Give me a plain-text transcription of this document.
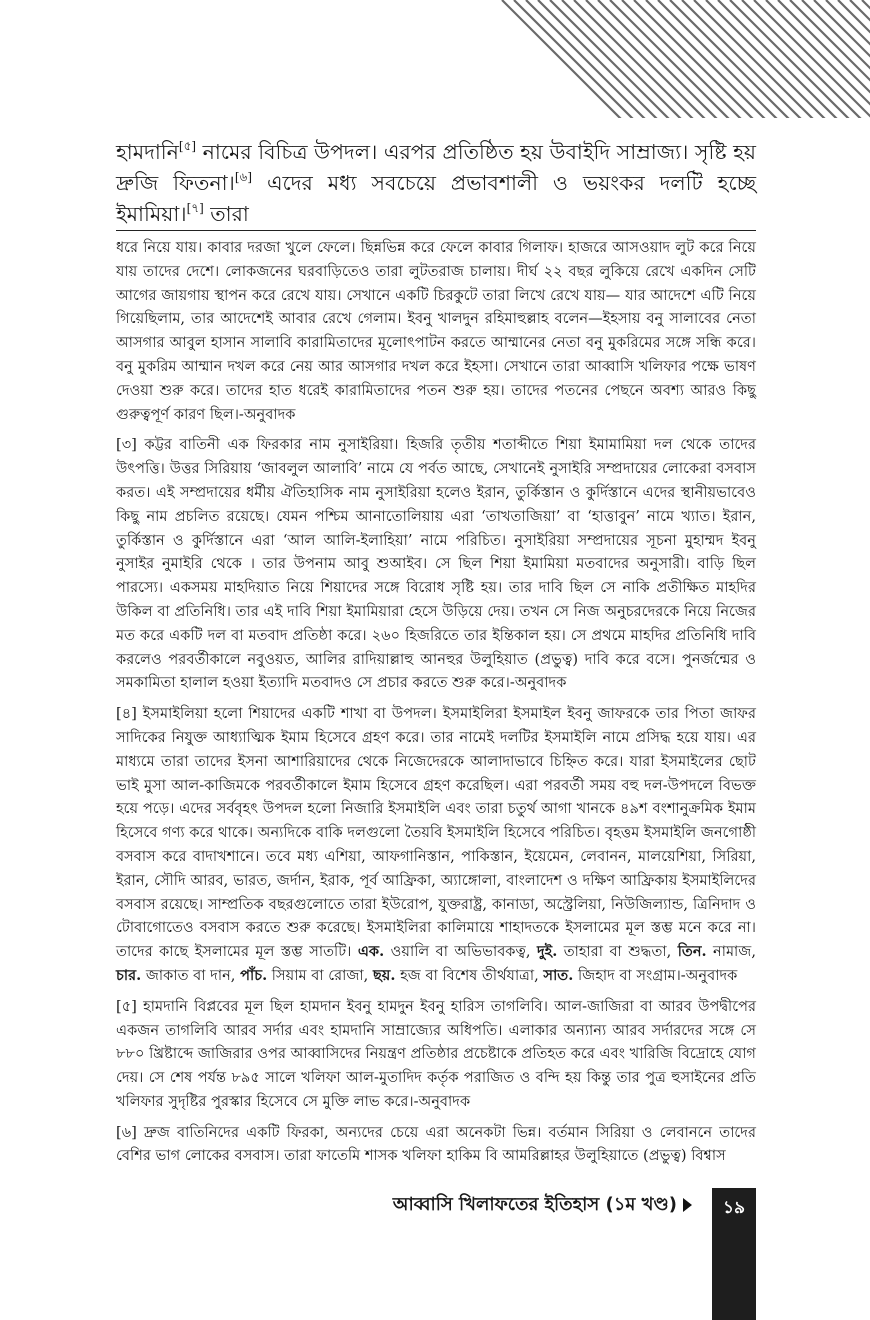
হামদানি[৫] নামের বিচিত্র উপদল। এরপর প্রতিষ্ঠিত হয় উবাইদি সাম্রাজ্য। সৃষ্টি হয় দ্রুজি ফিতনা।[৬] এদের মধ্য সবচেয়ে প্রভাবশালী ও ভয়ংকর দলটি হচ্ছে ইমামিয়া।[৭] তারা

ধরে নিয়ে যায়। কাবার দরজা খুলে ফেলে। ছিন্নভিন্ন করে ফেলে কাবার গিলাফ। হাজরে আসওয়াদ লুট করে নিয়ে যায় তাদের দেশে। লোকজনের ঘরবাড়িতেও তারা লুটতরাজ চালায়। দীর্ঘ ২২ বছর লুকিয়ে রেখে একদিন সেটি আগের জায়গায় স্থাপন করে রেখে যায়। সেখানে একটি চিরকুটে তারা লিখে রেখে যায়— যার আদেশে এটি নিয়ে গিয়েছিলাম, তার আদেশেই আবার রেখে গেলাম। ইবনু খালদুন রহিমাহুল্লাহ বলেন—ইহসায় বনু সালাবের নেতা আসগার আবুল হাসান সালাবি কারামিতাদের মূলোৎপাটন করতে আম্মানের নেতা বনু মুকরিমের সঙ্গে সন্ধি করে। বনু মুকরিম আম্মান দখল করে নেয় আর আসগার দখল করে ইহসা। সেখানে তারা আব্বাসি খলিফার পক্ষে ভাষণ দেওয়া শুরু করে। তাদের হাত ধরেই কারামিতাদের পতন শুরু হয়। তাদের পতনের পেছনে অবশ্য আরও কিছু গুরুত্বপূর্ণ কারণ ছিল।-অনুবাদক

[৩] কট্টর বাতিনী এক ফিরকার নাম নুসাইরিয়া। হিজরি তৃতীয় শতাব্দীতে শিয়া ইমামামিয়া দল থেকে তাদের উৎপত্তি। উত্তর সিরিয়ায় ‘জাবলুল আলাবি’ নামে যে পর্বত আছে, সেখানেই নুসাইরি সম্প্রদায়ের লোকেরা বসবাস করত। এই সম্প্রদায়ের ধর্মীয় ঐতিহাসিক নাম নুসাইরিয়া হলেও ইরান, তুর্কিস্তান ও কুর্দিস্তানে এদের স্থানীয়ভাবেও কিছু নাম প্রচলিত রয়েছে। যেমন পশ্চিম আনাতোলিয়ায় এরা ‘তাখতাজিয়া’ বা ‘হাত্তাবুন’ নামে খ্যাত। ইরান, তুর্কিস্তান ও কুর্দিস্তানে এরা ‘আল আলি-ইলাহিয়া’ নামে পরিচিত। নুসাইরিয়া সম্প্রদায়ের সূচনা মুহাম্মদ ইবনু নুসাইর নুমাইরি থেকে । তার উপনাম আবু শুআইব। সে ছিল শিয়া ইমামিয়া মতবাদের অনুসারী। বাড়ি ছিল পারস্যে। একসময় মাহদিয়াত নিয়ে শিয়াদের সঙ্গে বিরোধ সৃষ্টি হয়। তার দাবি ছিল সে নাকি প্রতীক্ষিত মাহদির উকিল বা প্রতিনিধি। তার এই দাবি শিয়া ইমামিয়ারা হেসে উড়িয়ে দেয়। তখন সে নিজ অনুচরদেরকে নিয়ে নিজের মত করে একটি দল বা মতবাদ প্রতিষ্ঠা করে। ২৬০ হিজরিতে তার ইন্তিকাল হয়। সে প্রথমে মাহদির প্রতিনিধি দাবি করলেও পরবর্তীকালে নবুওয়ত, আলির রাদিয়াল্লাহু আনহুর উলুহিয়াত (প্রভুত্ব) দাবি করে বসে। পুনর্জন্মের ও সমকামিতা হালাল হওয়া ইত্যাদি মতবাদও সে প্রচার করতে শুরু করে।-অনুবাদক

[৪] ইসমাইলিয়া হলো শিয়াদের একটি শাখা বা উপদল। ইসমাইলিরা ইসমাইল ইবনু জাফরকে তার পিতা জাফর সাদিকের নিযুক্ত আধ্যাত্মিক ইমাম হিসেবে গ্রহণ করে। তার নামেই দলটির ইসমাইলি নামে প্রসিদ্ধ হয়ে যায়। এর মাধ্যমে তারা তাদের ইসনা আশারিয়াদের থেকে নিজেদেরকে আলাদাভাবে চিহ্নিত করে। যারা ইসমাইলের ছোট ভাই মুসা আল-কাজিমকে পরবর্তীকালে ইমাম হিসেবে গ্রহণ করেছিল। এরা পরবর্তী সময় বহু দল-উপদলে বিভক্ত হয়ে পড়ে। এদের সর্ববৃহৎ উপদল হলো নিজারি ইসমাইলি এবং তারা চতুর্থ আগা খানকে ৪৯শ বংশানুক্রমিক ইমাম হিসেবে গণ্য করে থাকে। অন্যদিকে বাকি দলগুলো তৈয়বি ইসমাইলি হিসেবে পরিচিত। বৃহত্তম ইসমাইলি জনগোষ্ঠী বসবাস করে বাদাখশানে। তবে মধ্য এশিয়া, আফগানিস্তান, পাকিস্তান, ইয়েমেন, লেবানন, মালয়েশিয়া, সিরিয়া, ইরান, সৌদি আরব, ভারত, জর্দান, ইরাক, পূর্ব আফ্রিকা, অ্যাঙ্গোলা, বাংলাদেশ ও দক্ষিণ আফ্রিকায় ইসমাইলিদের বসবাস রয়েছে। সাম্প্রতিক বছরগুলোতে তারা ইউরোপ, যুক্তরাষ্ট্র, কানাডা, অস্ট্রেলিয়া, নিউজিল্যান্ড, ত্রিনিদাদ ও টোবাগোতেও বসবাস করতে শুরু করেছে। ইসমাইলিরা কালিমায়ে শাহাদতকে ইসলামের মূল স্তম্ভ মনে করে না। তাদের কাছে ইসলামের মূল স্তম্ভ সাতটি। এক. ওয়ালি বা অভিভাবকত্ব, দুই. তাহারা বা শুদ্ধতা, তিন. নামাজ, চার. জাকাত বা দান, পাঁচ. সিয়াম বা রোজা, ছয়. হজ বা বিশেষ তীর্থযাত্রা, সাত. জিহাদ বা সংগ্রাম।-অনুবাদক

[৫] হামদানি বিপ্লবের মূল ছিল হামদান ইবনু হামদুন ইবনু হারিস তাগলিবি। আল-জাজিরা বা আরব উপদ্বীপের একজন তাগলিবি আরব সর্দার এবং হামদানি সাম্রাজ্যের অধিপতি। এলাকার অন্যান্য আরব সর্দারদের সঙ্গে সে ৮৮০ খ্রিষ্টাব্দে জাজিরার ওপর আব্বাসিদের নিয়ন্ত্রণ প্রতিষ্ঠার প্রচেষ্টাকে প্রতিহত করে এবং খারিজি বিদ্রোহে যোগ দেয়। সে শেষ পর্যন্ত ৮৯৫ সালে খলিফা আল-মুতাদিদ কর্তৃক পরাজিত ও বন্দি হয় কিন্তু তার পুত্র হুসাইনের প্রতি খলিফার সুদৃষ্টির পুরস্কার হিসেবে সে মুক্তি লাভ করে।-অনুবাদক

[৬] দ্রুজ বাতিনিদের একটি ফিরকা, অন্যদের চেয়ে এরা অনেকটা ভিন্ন। বর্তমান সিরিয়া ও লেবাননে তাদের বেশির ভাগ লোকের বসবাস। তারা ফাতেমি শাসক খলিফা হাকিম বি আমরিল্লাহর উলুহিয়াতে (প্রভুত্ব) বিশ্বাস

আব্বাসি খিলাফতের ইতিহাস (১ম খণ্ড)	১৯
